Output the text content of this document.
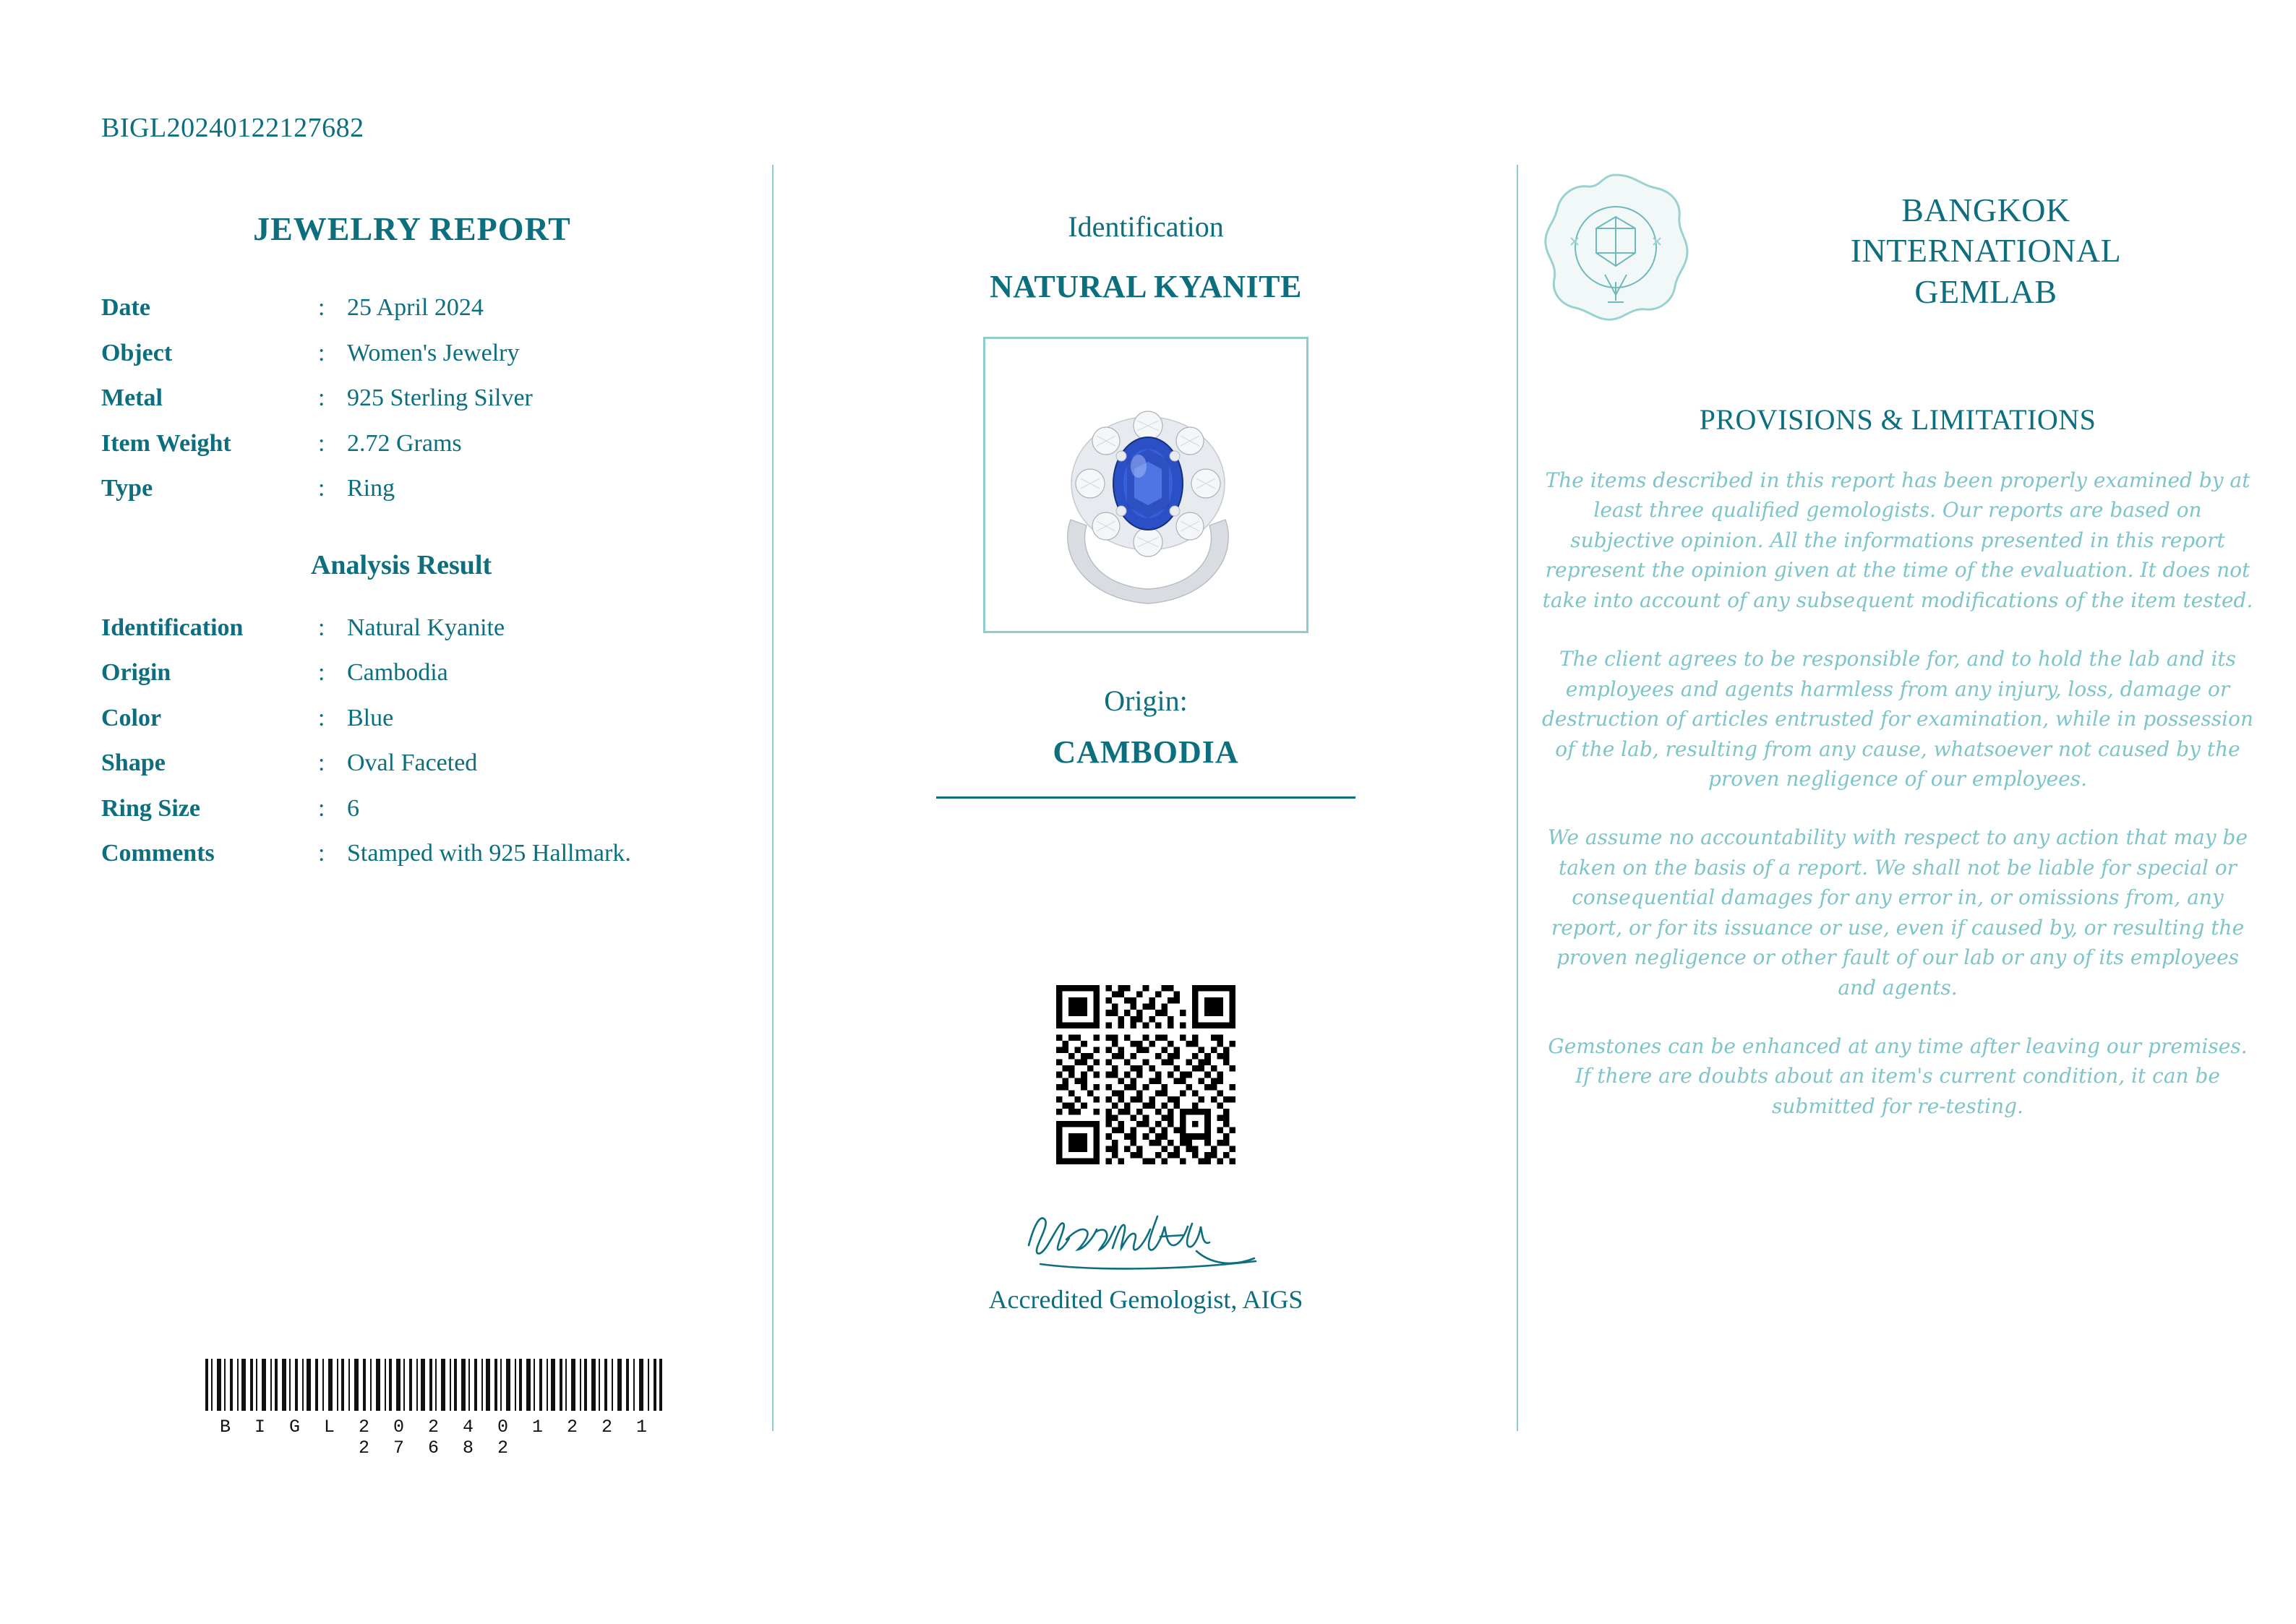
BIGL20240122127682
JEWELRY REPORT
Date	:	25 April 2024
Object	:	Women's Jewelry
Metal	:	925 Sterling Silver
Item Weight	:	2.72 Grams
Type	:	Ring
Analysis Result
Identification	:	Natural Kyanite
Origin	:	Cambodia
Color	:	Blue
Shape	:	Oval Faceted
Ring Size	:	6
Comments	:	Stamped with 925 Hallmark.
B I G L 2 0 2 4 0 1 2 2 1 2 7 6 8 2
Identification
NATURAL KYANITE
Origin:
CAMBODIA
Accredited Gemologist, AIGS
BANGKOK
INTERNATIONAL
GEMLAB
PROVISIONS & LIMITATIONS

The items described in this report has been properly examined by at least three qualified gemologists. Our reports are based on subjective opinion. All the informations presented in this report represent the opinion given at the time of the evaluation. It does not take into account of any subsequent modifications of the item tested.

The client agrees to be responsible for, and to hold the lab and its employees and agents harmless from any injury, loss, damage or destruction of articles entrusted for examination, while in possession of the lab, resulting from any cause, whatsoever not caused by the proven negligence of our employees.

We assume no accountability with respect to any action that may be taken on the basis of a report. We shall not be liable for special or consequential damages for any error in, or omissions from, any report, or for its issuance or use, even if caused by, or resulting the proven negligence or other fault of our lab or any of its employees and agents.

Gemstones can be enhanced at any time after leaving our premises. If there are doubts about an item's current condition, it can be submitted for re-testing.
